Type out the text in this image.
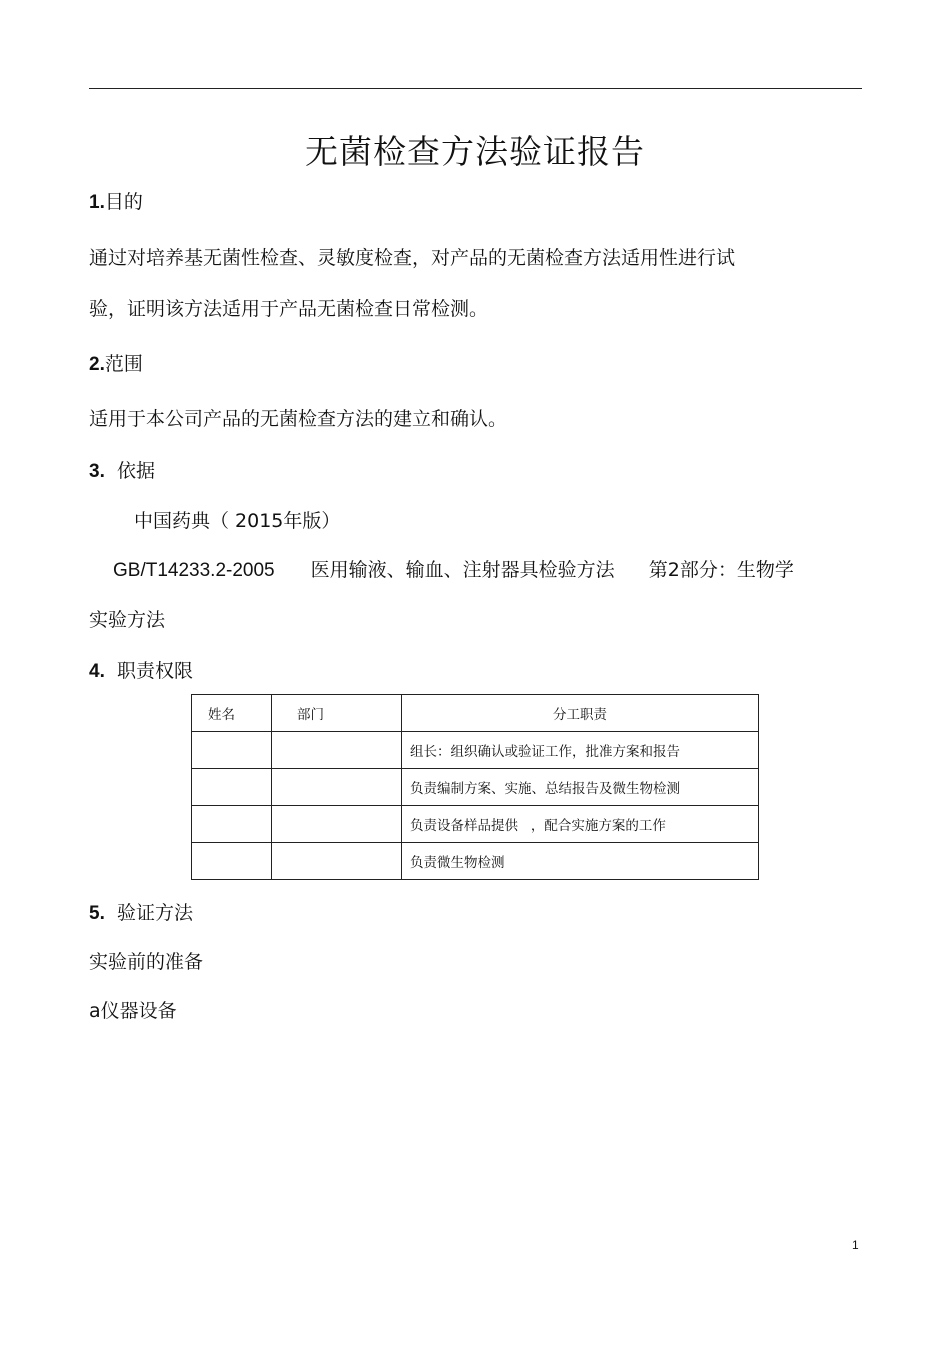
无菌检查方法验证报告
1.目的
通过对培养基无菌性检查、灵敏度检查，对产品的无菌检查方法适用性进行试
验，证明该方法适用于产品无菌检查日常检测。
2.范围
适用于本公司产品的无菌检查方法的建立和确认。
3. 依据
中国药典（ 2015年版）
GB/T14233.2-2005 医用输液、输血、注射器具检验方法 第2部分：生物学
实验方法
4. 职责权限
姓名	部门	分工职责
		组长：组织确认或验证工作，批准方案和报告
		负责编制方案、实施、总结报告及微生物检测
		负责设备样品提供   ，配合实施方案的工作
		负责微生物检测
5. 验证方法
实验前的准备
a仪器设备
1
